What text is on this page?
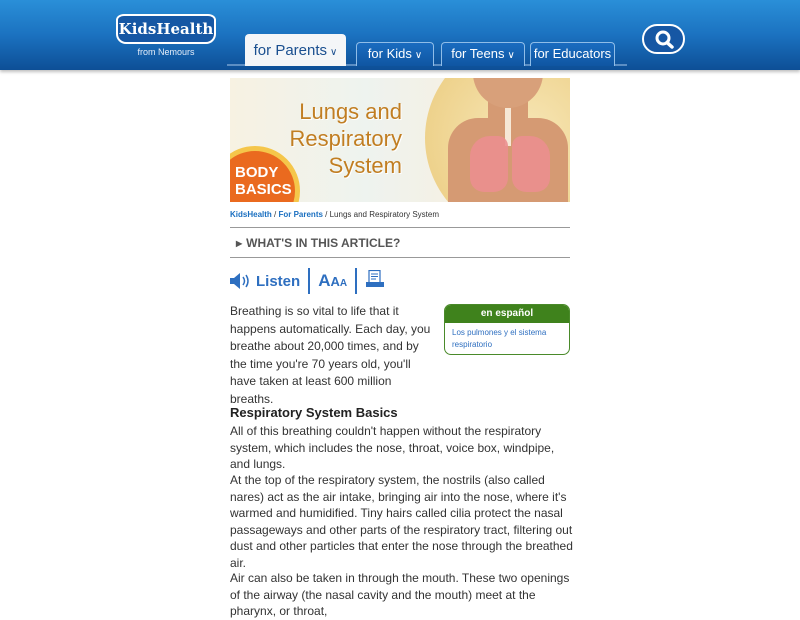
KidsHealth
from Nemours	for Parents ∨	for Kids ∨	for Teens ∨	for Educators
Lungs and
Respiratory
System
BODY
BASICS
KidsHealth / For Parents / Lungs and Respiratory System
▶ WHAT'S IN THIS ARTICLE?
Listen AAA
en español
Los pulmones y el sistema respiratorio
Breathing is so vital to life that it happens automatically. Each day, you breathe about 20,000 times, and by the time you're 70 years old, you'll have taken at least 600 million breaths.
Respiratory System Basics
All of this breathing couldn't happen without the respiratory system, which includes the nose, throat, voice box, windpipe, and lungs.
At the top of the respiratory system, the nostrils (also called nares) act as the air intake, bringing air into the nose, where it's warmed and humidified. Tiny hairs called cilia protect the nasal passageways and other parts of the respiratory tract, filtering out dust and other particles that enter the nose through the breathed air.
Air can also be taken in through the mouth. These two openings of the airway (the nasal cavity and the mouth) meet at the pharynx, or throat,
